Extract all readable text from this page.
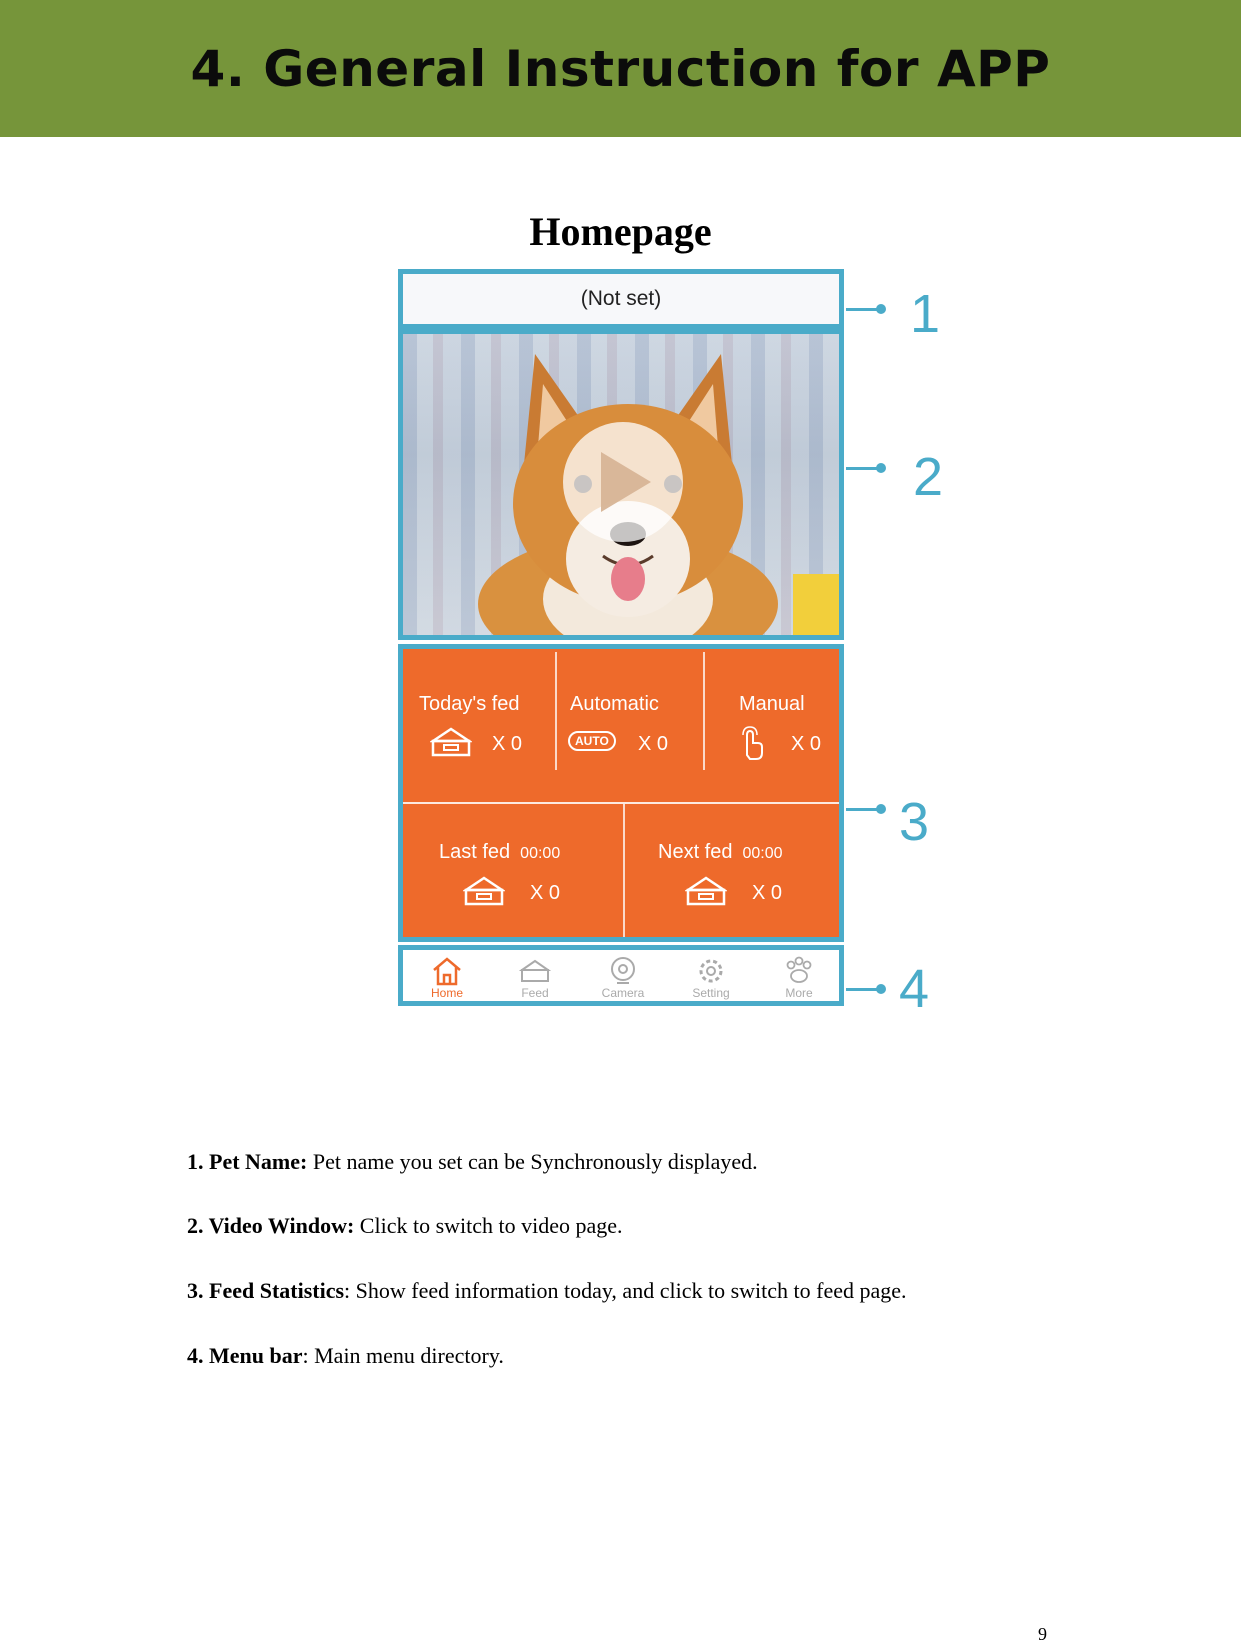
4. General Instruction for APP
Homepage
(Not set)
Today's fed
X 0
Automatic
AUTO	X 0
Manual
X 0
Last fed 00:00
X 0
Next fed 00:00
X 0
Home	Feed	Camera	Setting	More
1
2
3
4
1. Pet Name: Pet name you set can be Synchronously displayed.
2. Video Window: Click to switch to video page.
3. Feed Statistics: Show feed information today, and click to switch to feed page.
4. Menu bar: Main menu directory.
9
